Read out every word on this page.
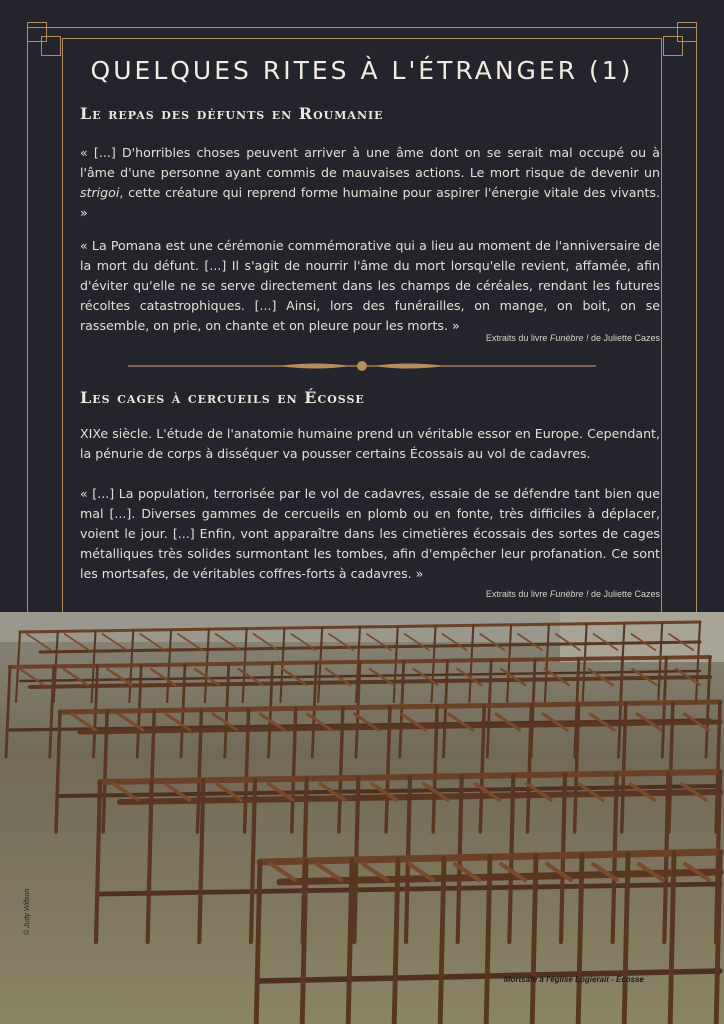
QUELQUES RITES À L'ÉTRANGER (1)
Le repas des défunts en Roumanie

« [...] D'horribles choses peuvent arriver à une âme dont on se serait mal occupé ou à l'âme d'une personne ayant commis de mauvaises actions. Le mort risque de devenir un strigoi, cette créature qui reprend forme humaine pour aspirer l'énergie vitale des vivants. »

« La Pomana est une cérémonie commémorative qui a lieu au moment de l'anniversaire de la mort du défunt. [...] Il s'agit de nourrir l'âme du mort lorsqu'elle revient, affamée, afin d'éviter qu'elle ne se serve directement dans les champs de céréales, rendant les futures récoltes catastrophiques. [...] Ainsi, lors des funérailles, on mange, on boit, on se rassemble, on prie, on chante et on pleure pour les morts. »

Extraits du livre Funèbre ! de Juliette Cazes

Les cages à cercueils en Écosse

XIXe siècle. L'étude de l'anatomie humaine prend un véritable essor en Europe. Cependant, la pénurie de corps à disséquer va pousser certains Écossais au vol de cadavres.

« [...] La population, terrorisée par le vol de cadavres, essaie de se défendre tant bien que mal [...]. Diverses gammes de cercueils en plomb ou en fonte, très difficiles à déplacer, voient le jour. [...] Enfin, vont apparaître dans les cimetières écossais des sortes de cages métalliques très solides surmontant les tombes, afin d'empêcher leur profanation. Ce sont les mortsafes, de véritables coffres-forts à cadavres. »

Extraits du livre Funèbre ! de Juliette Cazes

© Judy Willson
Mortsafe à l'église Logierait - Écosse
